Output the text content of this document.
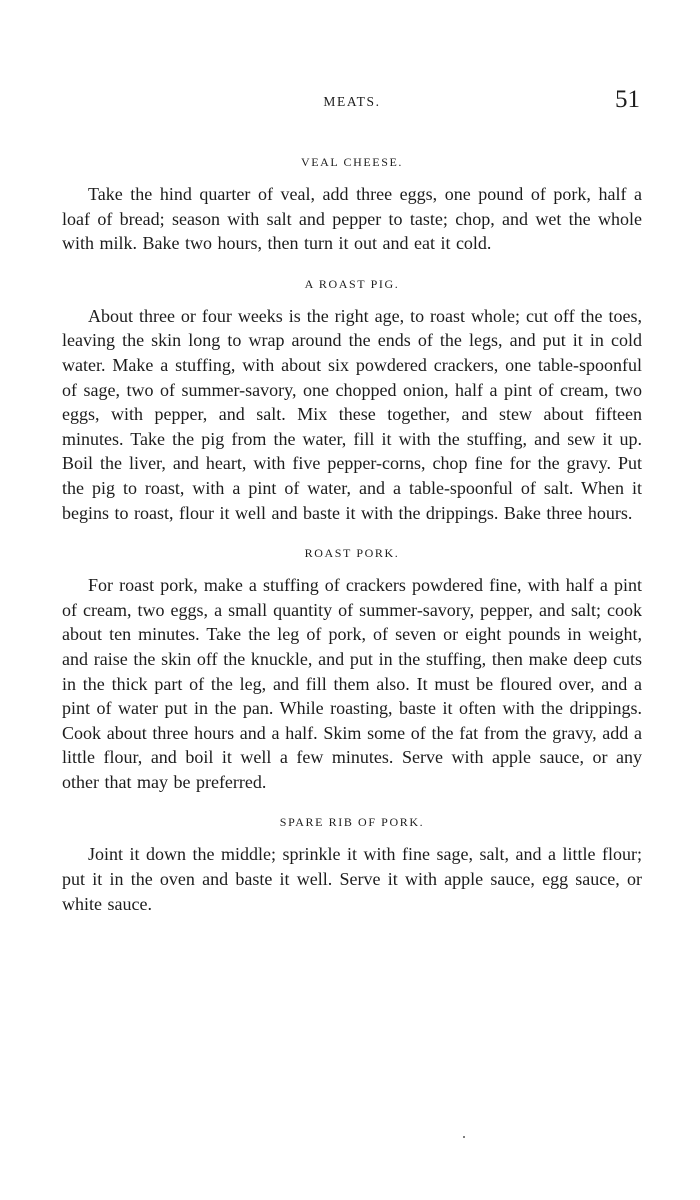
MEATS.	51
VEAL CHEESE.

Take the hind quarter of veal, add three eggs, one pound of pork, half a loaf of bread; season with salt and pepper to taste; chop, and wet the whole with milk. Bake two hours, then turn it out and eat it cold.

A ROAST PIG.

About three or four weeks is the right age, to roast whole; cut off the toes, leaving the skin long to wrap around the ends of the legs, and put it in cold water. Make a stuffing, with about six powdered crackers, one table-spoonful of sage, two of summer-savory, one chopped onion, half a pint of cream, two eggs, with pepper, and salt. Mix these together, and stew about fifteen minutes. Take the pig from the water, fill it with the stuffing, and sew it up. Boil the liver, and heart, with five pepper-corns, chop fine for the gravy. Put the pig to roast, with a pint of water, and a table-spoonful of salt. When it begins to roast, flour it well and baste it with the drippings. Bake three hours.

ROAST PORK.

For roast pork, make a stuffing of crackers powdered fine, with half a pint of cream, two eggs, a small quantity of summer-savory, pepper, and salt; cook about ten minutes. Take the leg of pork, of seven or eight pounds in weight, and raise the skin off the knuckle, and put in the stuffing, then make deep cuts in the thick part of the leg, and fill them also. It must be floured over, and a pint of water put in the pan. While roasting, baste it often with the drippings. Cook about three hours and a half. Skim some of the fat from the gravy, add a little flour, and boil it well a few minutes. Serve with apple sauce, or any other that may be preferred.

SPARE RIB OF PORK.

Joint it down the middle; sprinkle it with fine sage, salt, and a little flour; put it in the oven and baste it well. Serve it with apple sauce, egg sauce, or white sauce.
